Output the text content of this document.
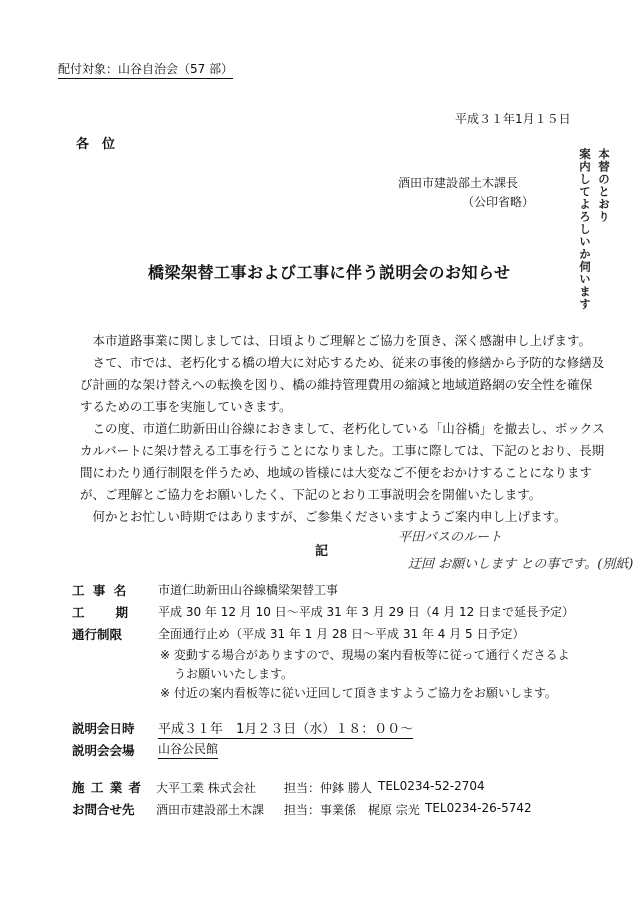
配付対象：山谷自治会（57 部）
平成３１年1月１５日
各　位
酒田市建設部土木課長
（公印省略）	本替のとおり
案内してよろしいか伺います
橋梁架替工事および工事に伴う説明会のお知らせ
　本市道路事業に関しましては、日頃よりご理解とご協力を頂き、深く感謝申し上げます。
　さて、市では、老朽化する橋の増大に対応するため、従来の事後的修繕から予防的な修繕及
び計画的な架け替えへの転換を図り、橋の維持管理費用の縮減と地域道路網の安全性を確保
するための工事を実施していきます。
　この度、市道仁助新田山谷線におきまして、老朽化している「山谷橋」を撤去し、ボックス
カルバートに架け替える工事を行うことになりました。工事に際しては、下記のとおり、長期
間にわたり通行制限を伴うため、地域の皆様には大変なご不便をおかけすることになります
が、ご理解とご協力をお願いしたく、下記のとおり工事説明会を開催いたします。
　何かとお忙しい時期ではありますが、ご参集くださいますようご案内申し上げます。
記
平田バスのルート
迂回 お願いします との事です。(別紙)
工 事 名 市道仁助新田山谷線橋梁架替工事
工　　期 平成 30 年 12 月 10 日～平成 31 年 3 月 29 日（4 月 12 日まで延長予定）
通行制限	全面通行止め（平成 31 年 1 月 28 日～平成 31 年 4 月 5 日予定）
※ 変動する場合がありますので、現場の案内看板等に従って通行くださるよ
うお願いいたします。
※ 付近の案内看板等に従い迂回して頂きますようご協力をお願いします。
説明会日時 平成３１年　1月２３日（水）１８：００～
説明会会場 山谷公民館
施 工 業 者 大平工業 株式会社 担当：仲鉢 勝人 TEL0234-52-2704
お問合せ先 酒田市建設部土木課 担当：事業係　梶原 宗光 TEL0234-26-5742
